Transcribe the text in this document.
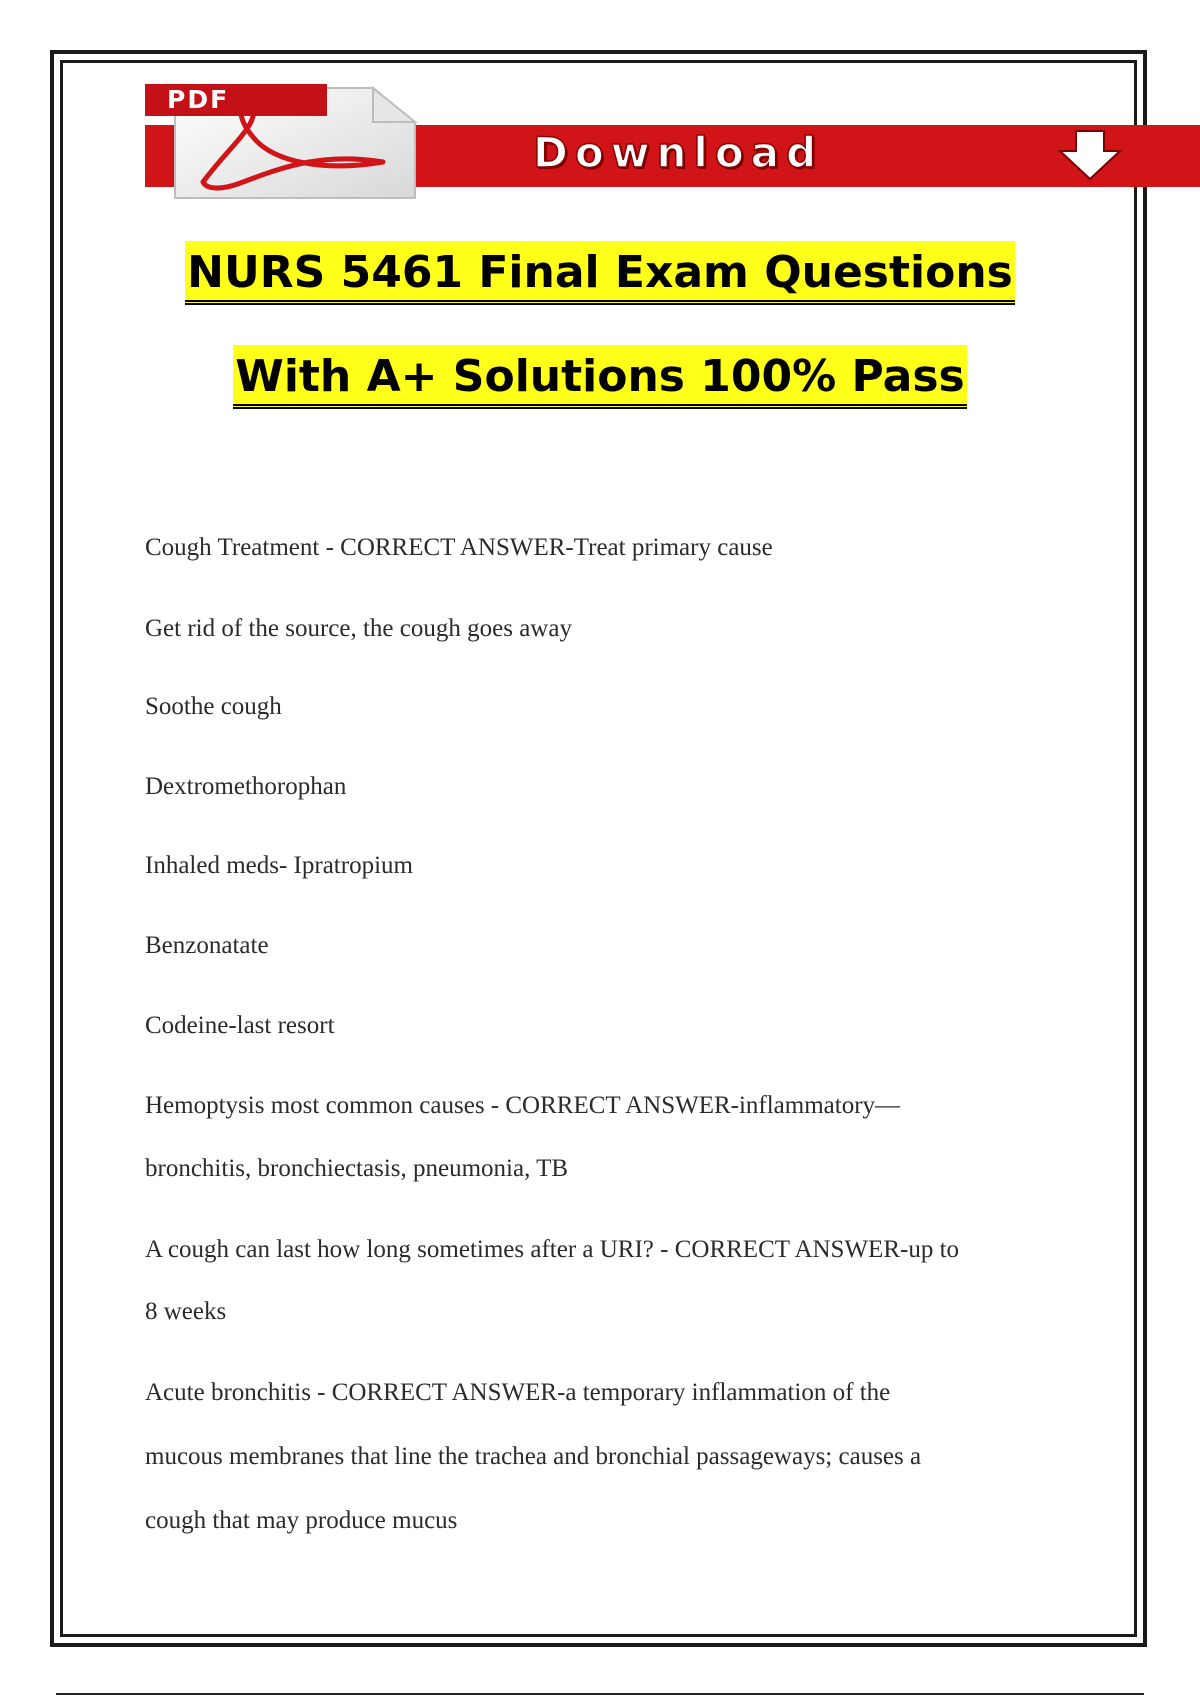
PDF
Download
NURS 5461 Final Exam Questions
With A+ Solutions 100% Pass
Cough Treatment - CORRECT ANSWER-Treat primary cause
Get rid of the source, the cough goes away
Soothe cough
Dextromethorophan
Inhaled meds- Ipratropium
Benzonatate
Codeine-last resort
Hemoptysis most common causes - CORRECT ANSWER-inflammatory—
bronchitis, bronchiectasis, pneumonia, TB
A cough can last how long sometimes after a URI? - CORRECT ANSWER-up to
8 weeks
Acute bronchitis - CORRECT ANSWER-a temporary inflammation of the
mucous membranes that line the trachea and bronchial passageways; causes a
cough that may produce mucus
